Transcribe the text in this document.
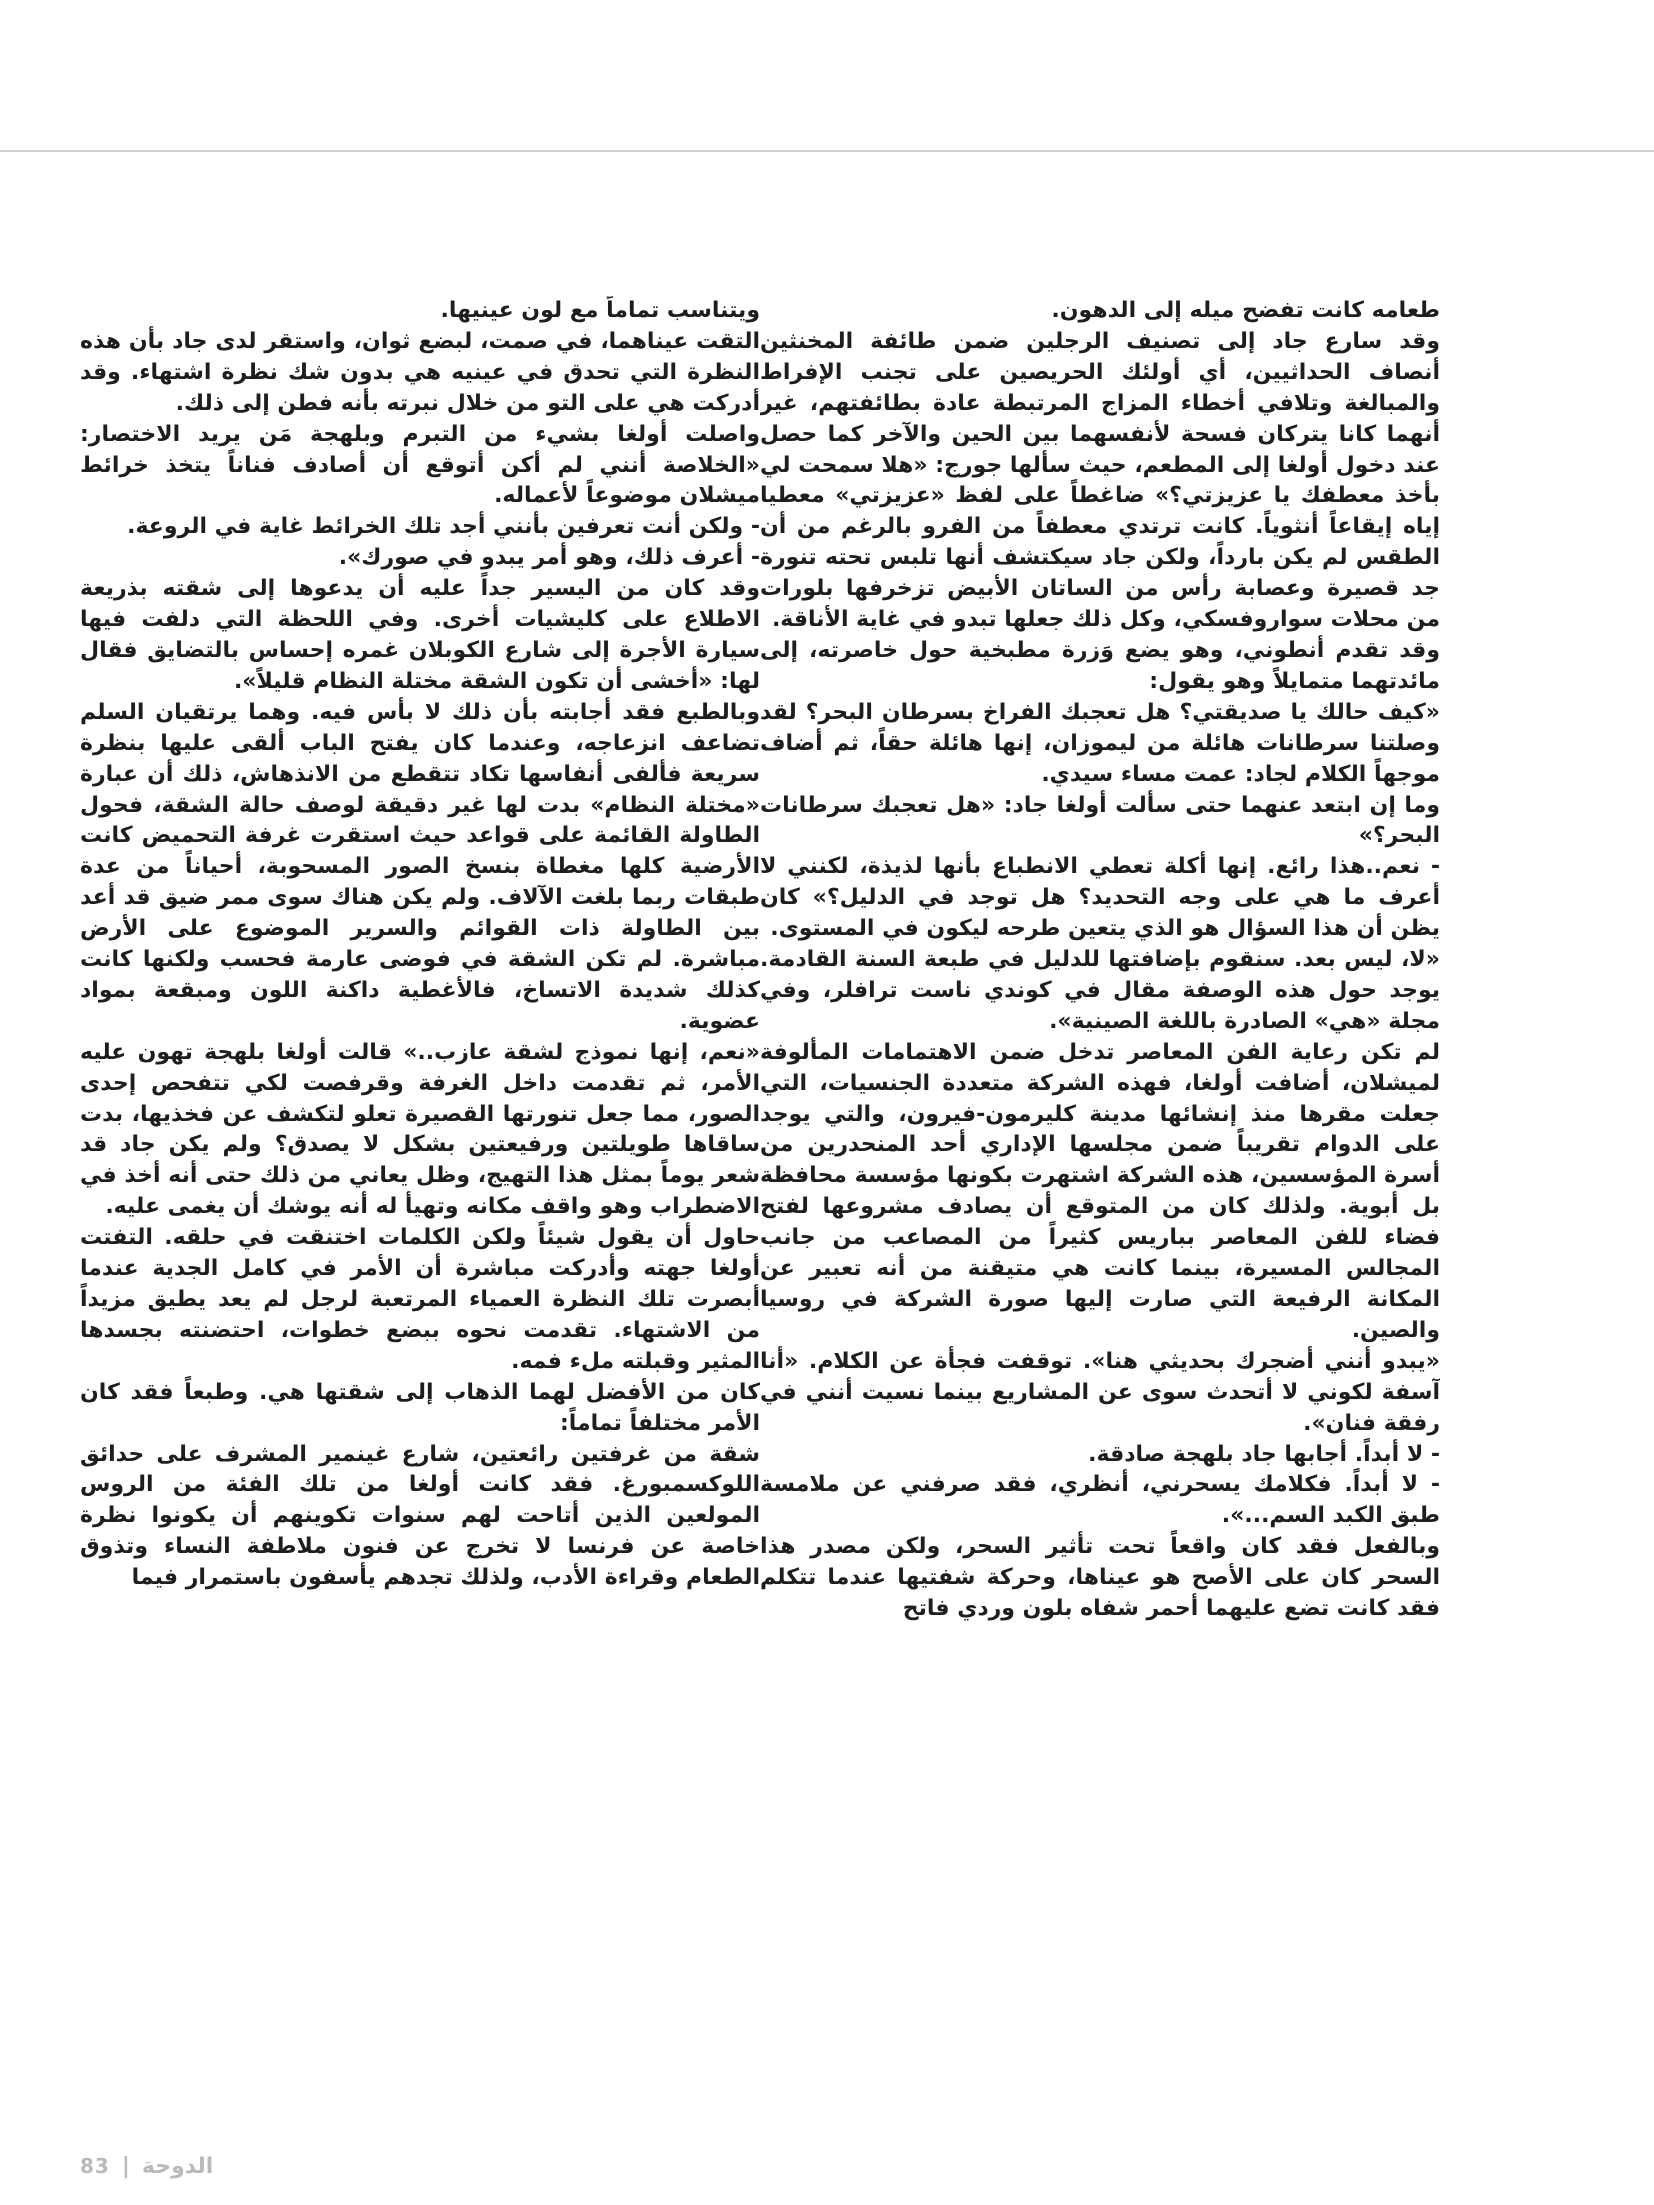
طعامه كانت تفضح ميله إلى الدهون.

وقد سارع جاد إلى تصنيف الرجلين ضمن طائفة المخنثين أنصاف الحداثيين، أي أولئك الحريصين على تجنب الإفراط والمبالغة وتلافي أخطاء المزاج المرتبطة عادة بطائفتهم، غير أنهما كانا يتركان فسحة لأنفسهما بين الحين والآخر كما حصل عند دخول أولغا إلى المطعم، حيث سألها جورج: «هلا سمحت لي بأخذ معطفك يا عزيزتي؟» ضاغطاً على لفظ «عزيزتي» معطيا إياه إيقاعاً أنثوياً. كانت ترتدي معطفاً من الفرو بالرغم من أن الطقس لم يكن بارداً، ولكن جاد سيكتشف أنها تلبس تحته تنورة جد قصيرة وعصابة رأس من الساتان الأبيض تزخرفها بلورات من محلات سواروفسكي، وكل ذلك جعلها تبدو في غاية الأناقة.

وقد تقدم أنطوني، وهو يضع وَزرة مطبخية حول خاصرته، إلى مائدتهما متمايلاً وهو يقول:

«كيف حالك يا صديقتي؟ هل تعجبك الفراخ بسرطان البحر؟ لقد وصلتنا سرطانات هائلة من ليموزان، إنها هائلة حقاً، ثم أضاف موجهاً الكلام لجاد: عمت مساء سيدي.

وما إن ابتعد عنهما حتى سألت أولغا جاد: «هل تعجبك سرطانات البحر؟»

- نعم..هذا رائع. إنها أكلة تعطي الانطباع بأنها لذيذة، لكنني لا أعرف ما هي على وجه التحديد؟ هل توجد في الدليل؟» كان يظن أن هذا السؤال هو الذي يتعين طرحه ليكون في المستوى.

«لا، ليس بعد. سنقوم بإضافتها للدليل في طبعة السنة القادمة. يوجد حول هذه الوصفة مقال في كوندي ناست ترافلر، وفي مجلة «هي» الصادرة باللغة الصينية».

لم تكن رعاية الفن المعاصر تدخل ضمن الاهتمامات المألوفة لميشلان، أضافت أولغا، فهذه الشركة متعددة الجنسيات، التي جعلت مقرها منذ إنشائها مدينة كليرمون-فيرون، والتي يوجد على الدوام تقريباً ضمن مجلسها الإداري أحد المنحدرين من أسرة المؤسسين، هذه الشركة اشتهرت بكونها مؤسسة محافظة بل أبوية. ولذلك كان من المتوقع أن يصادف مشروعها لفتح فضاء للفن المعاصر بباريس كثيراً من المصاعب من جانب المجالس المسيرة، بينما كانت هي متيقنة من أنه تعبير عن المكانة الرفيعة التي صارت إليها صورة الشركة في روسيا والصين.

«يبدو أنني أضجرك بحديثي هنا». توقفت فجأة عن الكلام. «أنا آسفة لكوني لا أتحدث سوى عن المشاريع بينما نسيت أنني في رفقة فنان».

- لا أبداً. أجابها جاد بلهجة صادقة.

- لا أبداً. فكلامك يسحرني، أنظري، فقد صرفني عن ملامسة طبق الكبد السم...».

وبالفعل فقد كان واقعاً تحت تأثير السحر، ولكن مصدر هذا السحر كان على الأصح هو عيناها، وحركة شفتيها عندما تتكلم فقد كانت تضع عليهما أحمر شفاه بلون وردي فاتح

ويتناسب تماماً مع لون عينيها.

التقت عيناهما، في صمت، لبضع ثوان، واستقر لدى جاد بأن هذه النظرة التي تحدق في عينيه هي بدون شك نظرة اشتهاء. وقد أدركت هي على التو من خلال نبرته بأنه فطن إلى ذلك.

واصلت أولغا بشيء من التبرم وبلهجة مَن يريد الاختصار: «الخلاصة أنني لم أكن أتوقع أن أصادف فناناً يتخذ خرائط ميشلان موضوعاً لأعماله.

- ولكن أنت تعرفين بأنني أجد تلك الخرائط غاية في الروعة.

- أعرف ذلك، وهو أمر يبدو في صورك».

وقد كان من اليسير جداً عليه أن يدعوها إلى شقته بذريعة الاطلاع على كليشيات أخرى. وفي اللحظة التي دلفت فيها سيارة الأجرة إلى شارع الكوبلان غمره إحساس بالتضايق فقال لها: «أخشى أن تكون الشقة مختلة النظام قليلاً».

وبالطبع فقد أجابته بأن ذلك لا بأس فيه. وهما يرتقيان السلم تضاعف انزعاجه، وعندما كان يفتح الباب ألقى عليها بنظرة سريعة فألفى أنفاسها تكاد تتقطع من الانذهاش، ذلك أن عبارة «مختلة النظام» بدت لها غير دقيقة لوصف حالة الشقة، فحول الطاولة القائمة على قواعد حيث استقرت غرفة التحميض كانت الأرضية كلها مغطاة بنسخ الصور المسحوبة، أحياناً من عدة طبقات ربما بلغت الآلاف. ولم يكن هناك سوى ممر ضيق قد أعد بين الطاولة ذات القوائم والسرير الموضوع على الأرض مباشرة. لم تكن الشقة في فوضى عارمة فحسب ولكنها كانت كذلك شديدة الاتساخ، فالأغطية داكنة اللون ومبقعة بمواد عضوية.

«نعم، إنها نموذج لشقة عازب..» قالت أولغا بلهجة تهون عليه الأمر، ثم تقدمت داخل الغرفة وقرفصت لكي تتفحص إحدى الصور، مما جعل تنورتها القصيرة تعلو لتكشف عن فخذيها، بدت ساقاها طويلتين ورفيعتين بشكل لا يصدق؟ ولم يكن جاد قد شعر يوماً بمثل هذا التهيج، وظل يعاني من ذلك حتى أنه أخذ في الاضطراب وهو واقف مكانه وتهيأ له أنه يوشك أن يغمى عليه.

حاول أن يقول شيئاً ولكن الكلمات اختنقت في حلقه. التفتت أولغا جهته وأدركت مباشرة أن الأمر في كامل الجدية عندما أبصرت تلك النظرة العمياء المرتعبة لرجل لم يعد يطيق مزيداً من الاشتهاء. تقدمت نحوه ببضع خطوات، احتضنته بجسدها المثير وقبلته ملء فمه.

كان من الأفضل لهما الذهاب إلى شقتها هي. وطبعاً فقد كان الأمر مختلفاً تماماً:

شقة من غرفتين رائعتين، شارع غينمير المشرف على حدائق اللوكسمبورغ. فقد كانت أولغا من تلك الفئة من الروس المولعين الذين أتاحت لهم سنوات تكوينهم أن يكونوا نظرة خاصة عن فرنسا لا تخرج عن فنون ملاطفة النساء وتذوق الطعام وقراءة الأدب، ولذلك تجدهم يأسفون باستمرار فيما

83 | الدوحة
